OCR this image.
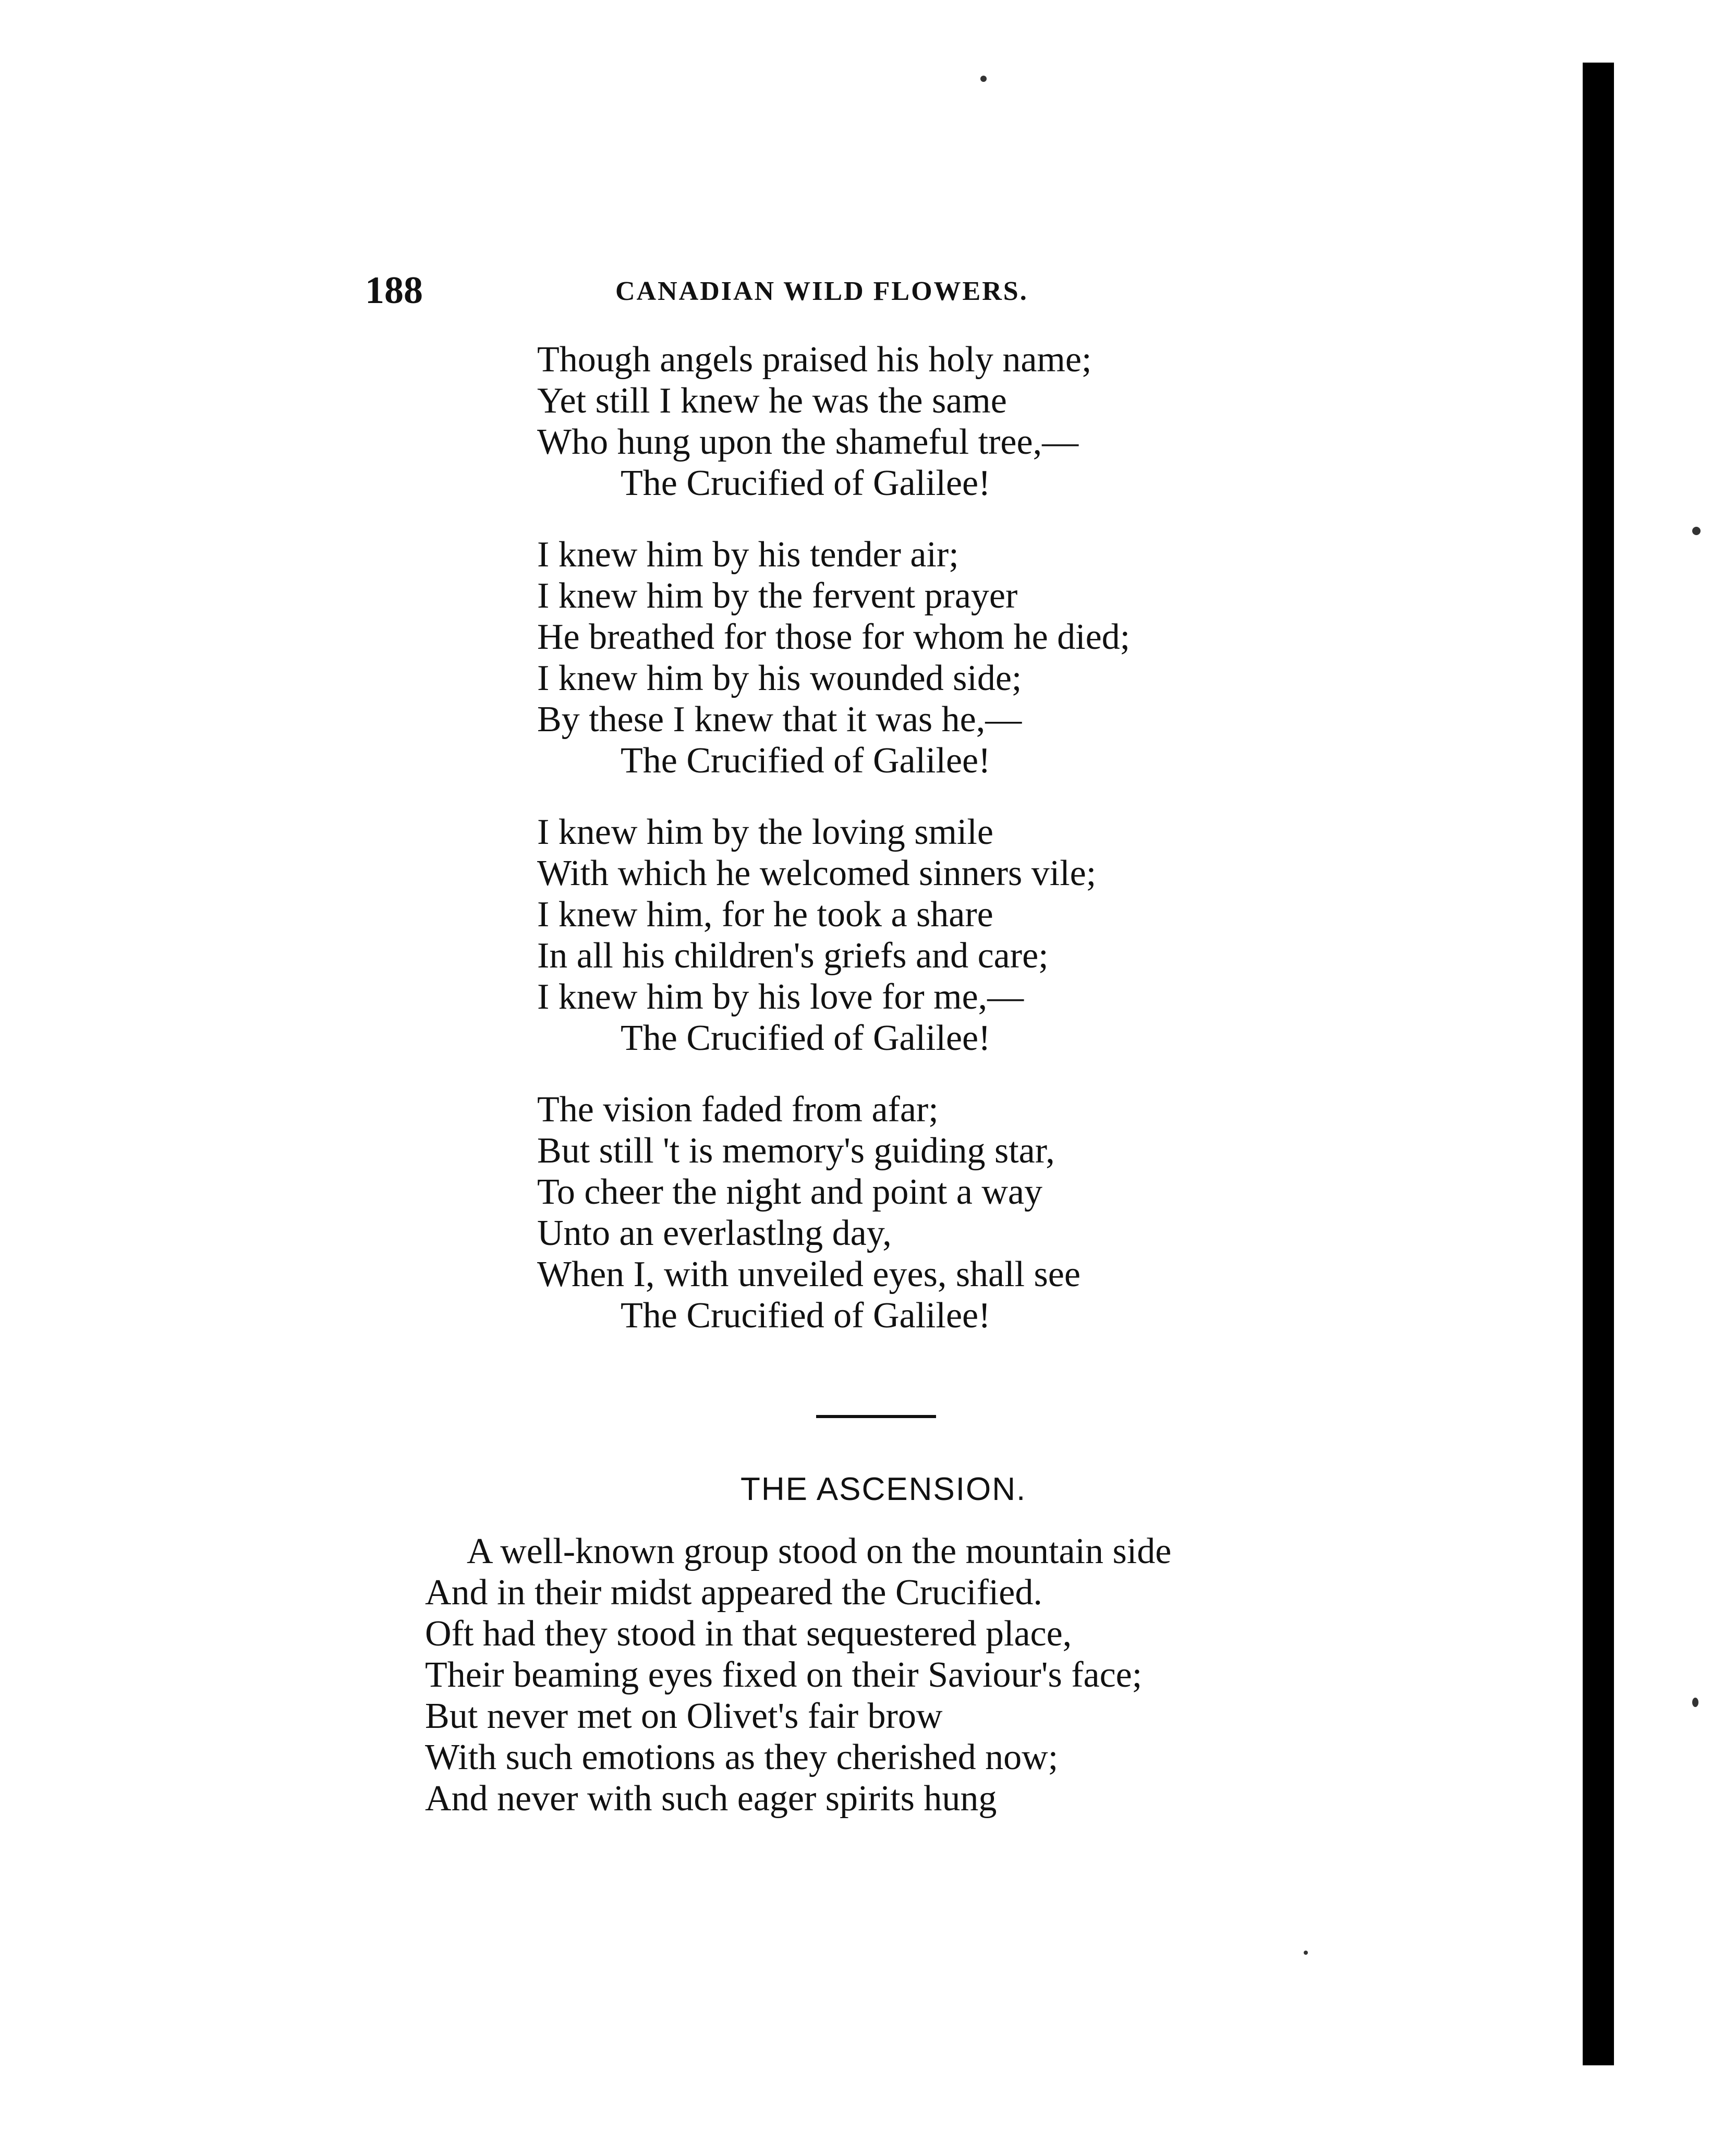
188	CANADIAN WILD FLOWERS.
Though angels praised his holy name;
Yet still I knew he was the same
Who hung upon the shameful tree,—
The Crucified of Galilee!
I knew him by his tender air;
I knew him by the fervent prayer
He breathed for those for whom he died;
I knew him by his wounded side;
By these I knew that it was he,—
The Crucified of Galilee!
I knew him by the loving smile
With which he welcomed sinners vile;
I knew him, for he took a share
In all his children's griefs and care;
I knew him by his love for me,—
The Crucified of Galilee!
The vision faded from afar;
But still 't is memory's guiding star,
To cheer the night and point a way
Unto an everlastlng day,
When I, with unveiled eyes, shall see
The Crucified of Galilee!
THE ASCENSION.
A well-known group stood on the mountain side
And in their midst appeared the Crucified.
Oft had they stood in that sequestered place,
Their beaming eyes fixed on their Saviour's face;
But never met on Olivet's fair brow
With such emotions as they cherished now;
And never with such eager spirits hung
